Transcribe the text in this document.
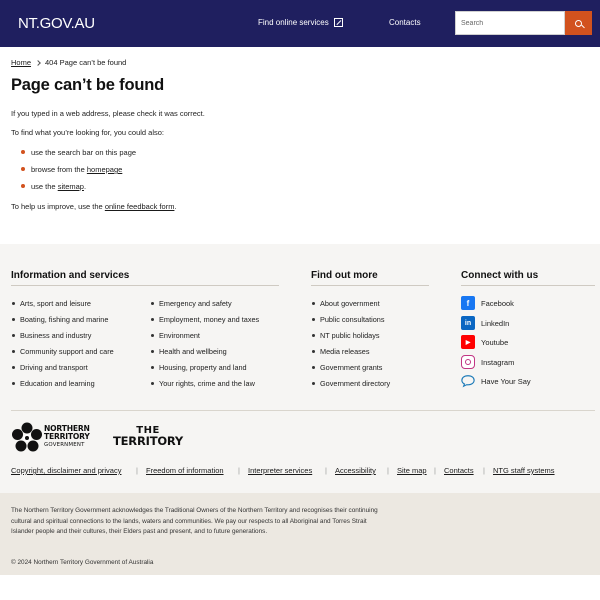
NT.GOV.AU	Find online services	Contacts
Search
Home 404 Page can’t be found
Page can’t be found
If you typed in a web address, please check it was correct.
To find what you’re looking for, you could also:
use the search bar on this page
browse from the homepage
use the sitemap.
To help us improve, use the online feedback form.
Information and services	Find out more	Connect with us
Arts, sport and leisure
Boating, fishing and marine
Business and industry
Community support and care
Driving and transport
Education and learning
Emergency and safety
Employment, money and taxes
Environment
Health and wellbeing
Housing, property and land
Your rights, crime and the law
About government
Public consultations
NT public holidays
Media releases
Government grants
Government directory
f	Facebook
in	LinkedIn
▶	Youtube
Instagram
Have Your Say
NORTHERN
TERRITORY
GOVERNMENT
THE
TERRITORY
Copyright, disclaimer and privacy | Freedom of information | Interpreter services | Accessibility | Site map | Contacts | NTG staff systems
The Northern Territory Government acknowledges the Traditional Owners of the Northern Territory and recognises their continuing cultural and spiritual connections to the lands, waters and communities. We pay our respects to all Aboriginal and Torres Strait Islander people and their cultures, their Elders past and present, and to future generations.
© 2024 Northern Territory Government of Australia
